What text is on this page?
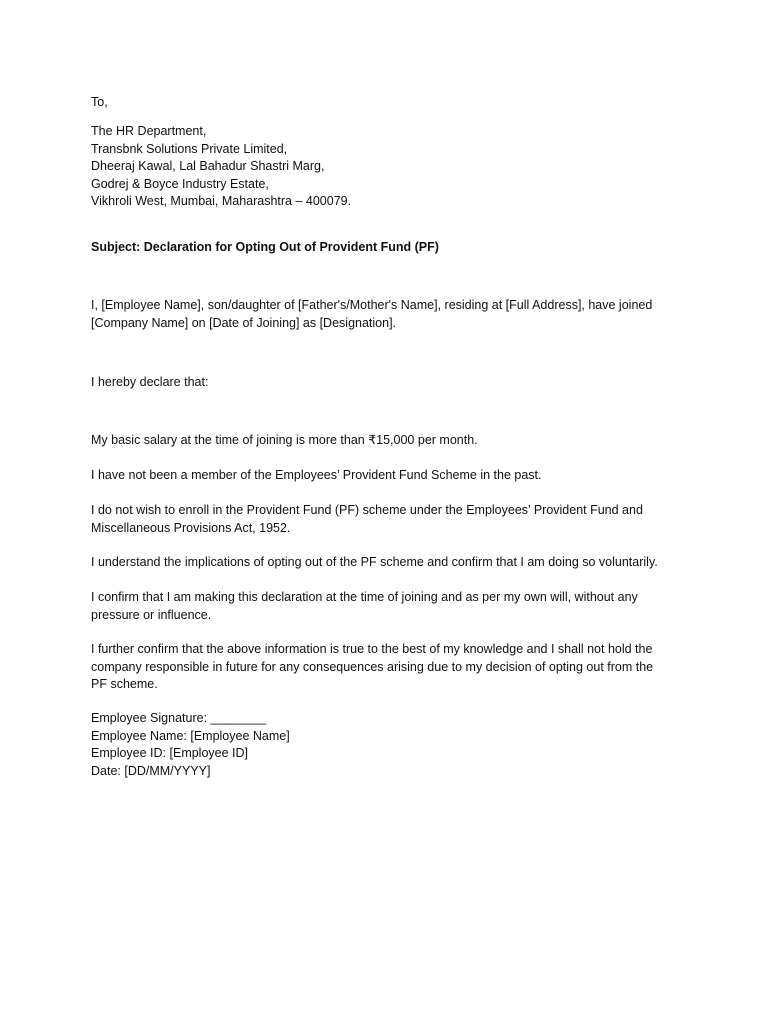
To,

The HR Department,
Transbnk Solutions Private Limited,
Dheeraj Kawal, Lal Bahadur Shastri Marg,
Godrej & Boyce Industry Estate,
Vikhroli West, Mumbai, Maharashtra – 400079.

Subject: Declaration for Opting Out of Provident Fund (PF)

I, [Employee Name], son/daughter of [Father's/Mother's Name], residing at [Full Address], have joined
[Company Name] on [Date of Joining] as [Designation].

I hereby declare that:

My basic salary at the time of joining is more than ₹15,000 per month.

I have not been a member of the Employees’ Provident Fund Scheme in the past.

I do not wish to enroll in the Provident Fund (PF) scheme under the Employees’ Provident Fund and
Miscellaneous Provisions Act, 1952.

I understand the implications of opting out of the PF scheme and confirm that I am doing so voluntarily.

I confirm that I am making this declaration at the time of joining and as per my own will, without any
pressure or influence.

I further confirm that the above information is true to the best of my knowledge and I shall not hold the
company responsible in future for any consequences arising due to my decision of opting out from the
PF scheme.

Employee Signature: ________
Employee Name: [Employee Name]
Employee ID: [Employee ID]
Date: [DD/MM/YYYY]
